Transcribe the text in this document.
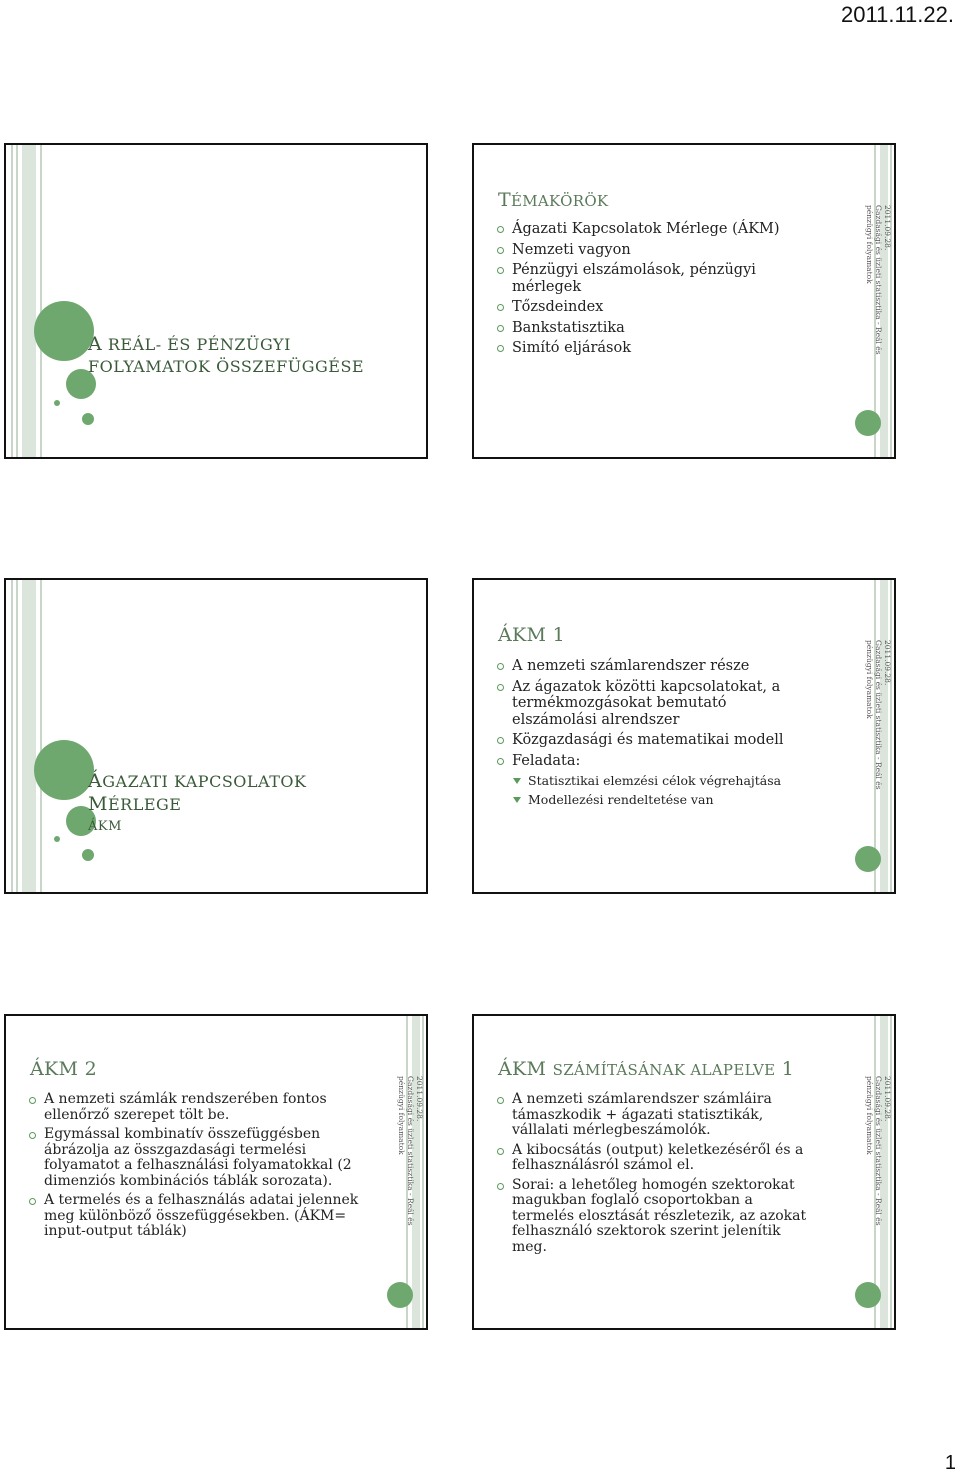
2011.11.22.
A REÁL- ÉS PÉNZÜGYI
FOLYAMATOK ÖSSZEFÜGGÉSE
TÉMAKÖRÖK
Ágazati Kapcsolatok Mérlege (ÁKM)
Nemzeti vagyon
Pénzügyi elszámolások, pénzügyi mérlegek
Tőzsdeindex
Bankstatisztika
Simító eljárások
2011.09.28.
Gazdasági és üzleti statisztika - Reál és
pénzügyi folyamatok
ÁGAZATI KAPCSOLATOK
MÉRLEGE
ÁKM
ÁKM 1
A nemzeti számlarendszer része
Az ágazatok közötti kapcsolatokat, a termékmozgásokat bemutató elszámolási alrendszer
Közgazdasági és matematikai modell
Feladata:
Statisztikai elemzési célok végrehajtása
Modellezési rendeltetése van
2011.09.28.
Gazdasági és üzleti statisztika - Reál és
pénzügyi folyamatok
ÁKM 2
A nemzeti számlák rendszerében fontos ellenőrző szerepet tölt be.
Egymással kombinatív összefüggésben ábrázolja az összgazdasági termelési folyamatot a felhasználási folyamatokkal (2 dimenziós kombinációs táblák sorozata).
A termelés és a felhasználás adatai jelennek meg különböző összefüggésekben. (ÁKM= input-output táblák)
2011.09.28.
Gazdasági és üzleti statisztika - Reál és
pénzügyi folyamatok
ÁKM SZÁMÍTÁSÁNAK ALAPELVE 1
A nemzeti számlarendszer számláira támaszkodik + ágazati statisztikák, vállalati mérlegbeszámolók.
A kibocsátás (output) keletkezéséről és a felhasználásról számol el.
Sorai: a lehetőleg homogén szektorokat magukban foglaló csoportokban a termelés elosztását részletezik, az azokat felhasználó szektorok szerint jelenítik meg.
2011.09.28.
Gazdasági és üzleti statisztika - Reál és
pénzügyi folyamatok
1
